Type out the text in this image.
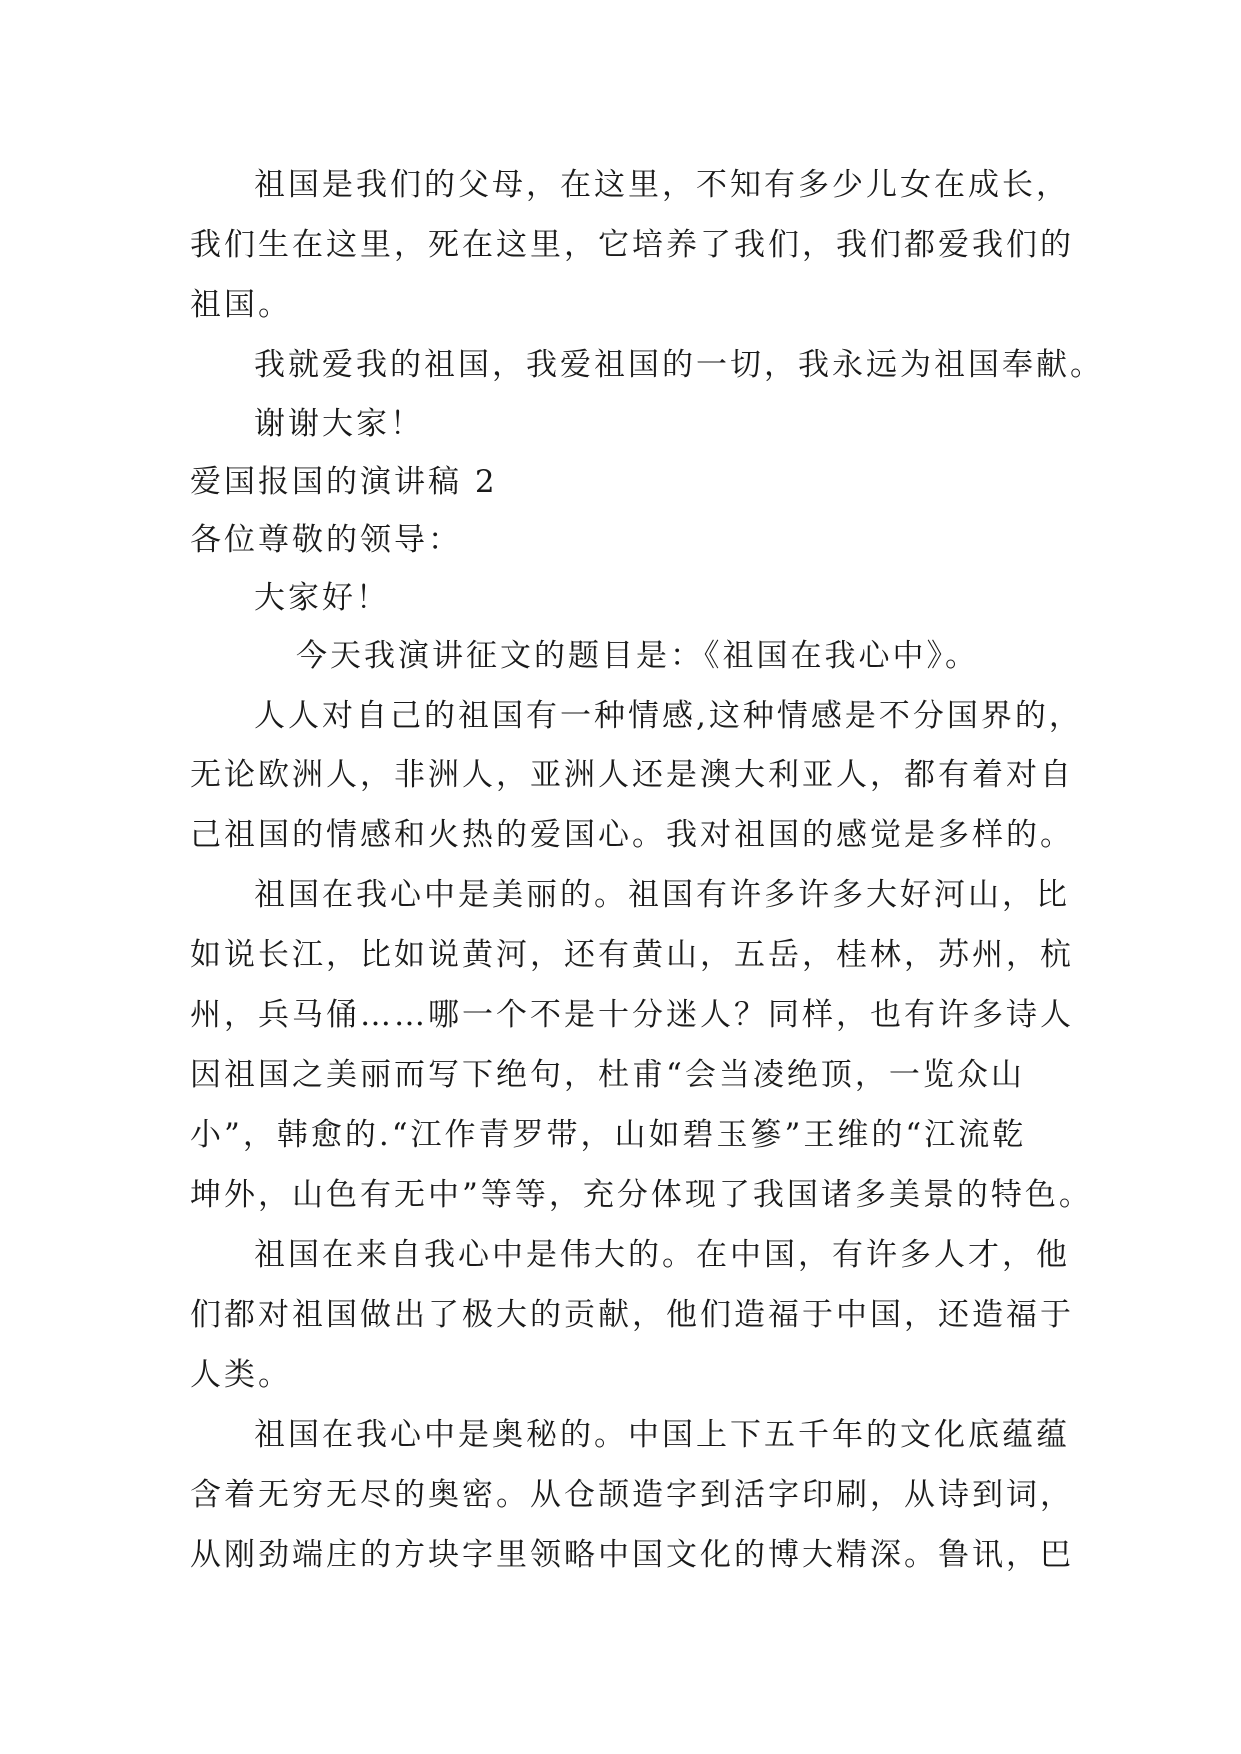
祖国是我们的父母，在这里，不知有多少儿女在成长，
我们生在这里，死在这里，它培养了我们，我们都爱我们的
祖国。
我就爱我的祖国，我爱祖国的一切，我永远为祖国奉献。
谢谢大家！
爱国报国的演讲稿 2
各位尊敬的领导：
大家好！
今天我演讲征文的题目是：《祖国在我心中》。
人人对自己的祖国有一种情感,这种情感是不分国界的，
无论欧洲人，非洲人，亚洲人还是澳大利亚人，都有着对自
己祖国的情感和火热的爱国心。我对祖国的感觉是多样的。
祖国在我心中是美丽的。祖国有许多许多大好河山，比
如说长江，比如说黄河，还有黄山，五岳，桂林，苏州，杭
州，兵马俑……哪一个不是十分迷人？同样，也有许多诗人
因祖国之美丽而写下绝句，杜甫“会当凌绝顶，一览众山
小”，韩愈的.“江作青罗带，山如碧玉篸”王维的“江流乾
坤外，山色有无中”等等，充分体现了我国诸多美景的特色。
祖国在来自我心中是伟大的。在中国，有许多人才，他
们都对祖国做出了极大的贡献，他们造福于中国，还造福于
人类。
祖国在我心中是奥秘的。中国上下五千年的文化底蕴蕴
含着无穷无尽的奥密。从仓颉造字到活字印刷，从诗到词，
从刚劲端庄的方块字里领略中国文化的博大精深。鲁讯，巴
